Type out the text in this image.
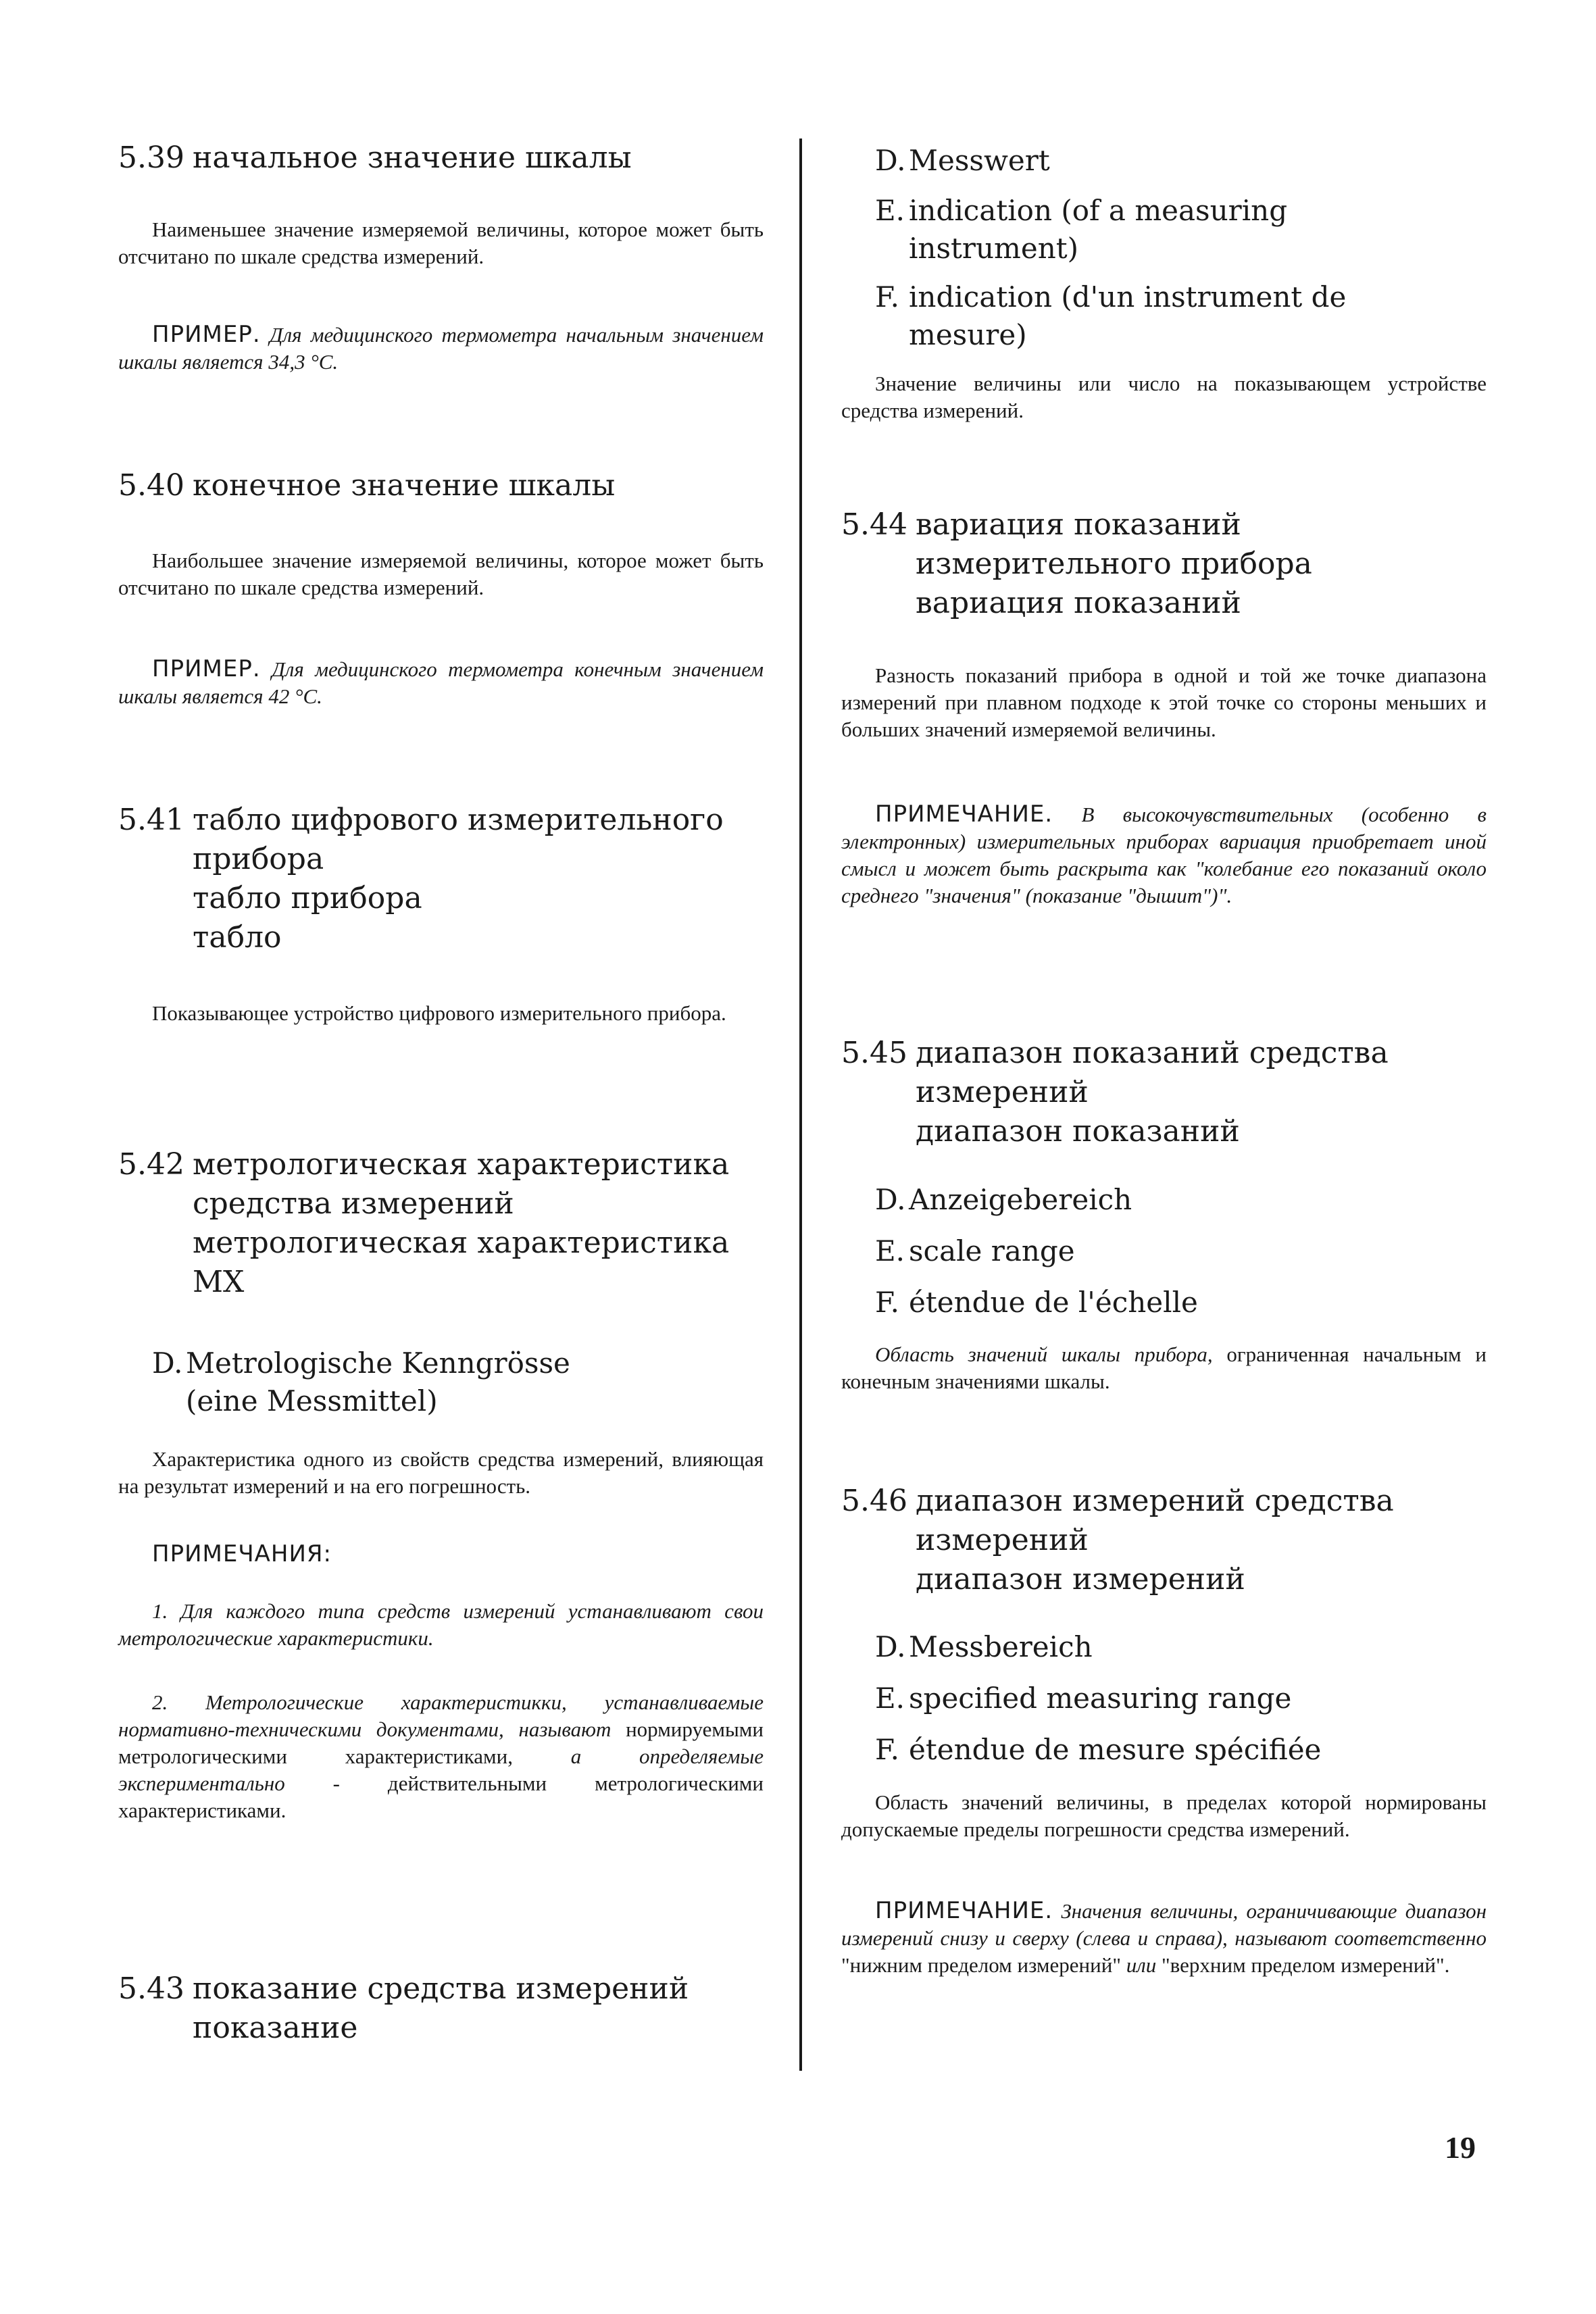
5.39 начальное значение шкалы
Наименьшее значение измеряемой величины, которое может быть отсчитано по шкале средства измерений.
ПРИМЕР. Для медицинского термометра начальным значением шкалы является 34,3 °С.
5.40 конечное значение шкалы
Наибольшее значение измеряемой величины, которое может быть отсчитано по шкале средства измерений.
ПРИМЕР. Для медицинского термометра конечным значением шкалы является 42 °С.
5.41 табло цифрового измерительного
прибора
табло прибора
табло
Показывающее устройство цифрового измерительного прибора.
5.42 метрологическая характеристика
средства измерений
метрологическая характеристика
МХ
D. Metrologische Kenngrösse
(eine Messmittel)
Характеристика одного из свойств средства измерений, влияющая на результат измерений и на его погрешность.
ПРИМЕЧАНИЯ:
1. Для каждого типа средств измерений устанавливают свои метрологические характеристики.
2. Метрологические характеристикки, устанавливаемые нормативно-техническими документами, называют нормируемыми метрологическими характеристиками, а определяемые экспериментально - действительными метрологическими характеристиками.
5.43 показание средства измерений
показание
D. Messwert
E. indication (of a measuring
instrument)
F. indication (d'un instrument de
mesure)
Значение величины или число на показывающем устройстве средства измерений.
5.44 вариация показаний
измерительного прибора
вариация показаний
Разность показаний прибора в одной и той же точке диапазона измерений при плавном подходе к этой точке со стороны меньших и больших значений измеряемой величины.
ПРИМЕЧАНИЕ. В высокочувствительных (особенно в электронных) измерительных приборах вариация приобретает иной смысл и может быть раскрыта как "колебание его показаний около среднего "значения" (показание "дышит")".
5.45 диапазон показаний средства
измерений
диапазон показаний
D. Anzeigebereich
E. scale range
F. étendue de l'échelle
Область значений шкалы прибора, ограниченная начальным и конечным значениями шкалы.
5.46 диапазон измерений средства
измерений
диапазон измерений
D. Messbereich
E. specified measuring range
F. étendue de mesure spécifiée
Область значений величины, в пределах которой нормированы допускаемые пределы погрешности средства измерений.
ПРИМЕЧАНИЕ. Значения величины, ограничивающие диапазон измерений снизу и сверху (слева и справа), называют соответственно "нижним пределом измерений" или "верхним пределом измерений".
19
